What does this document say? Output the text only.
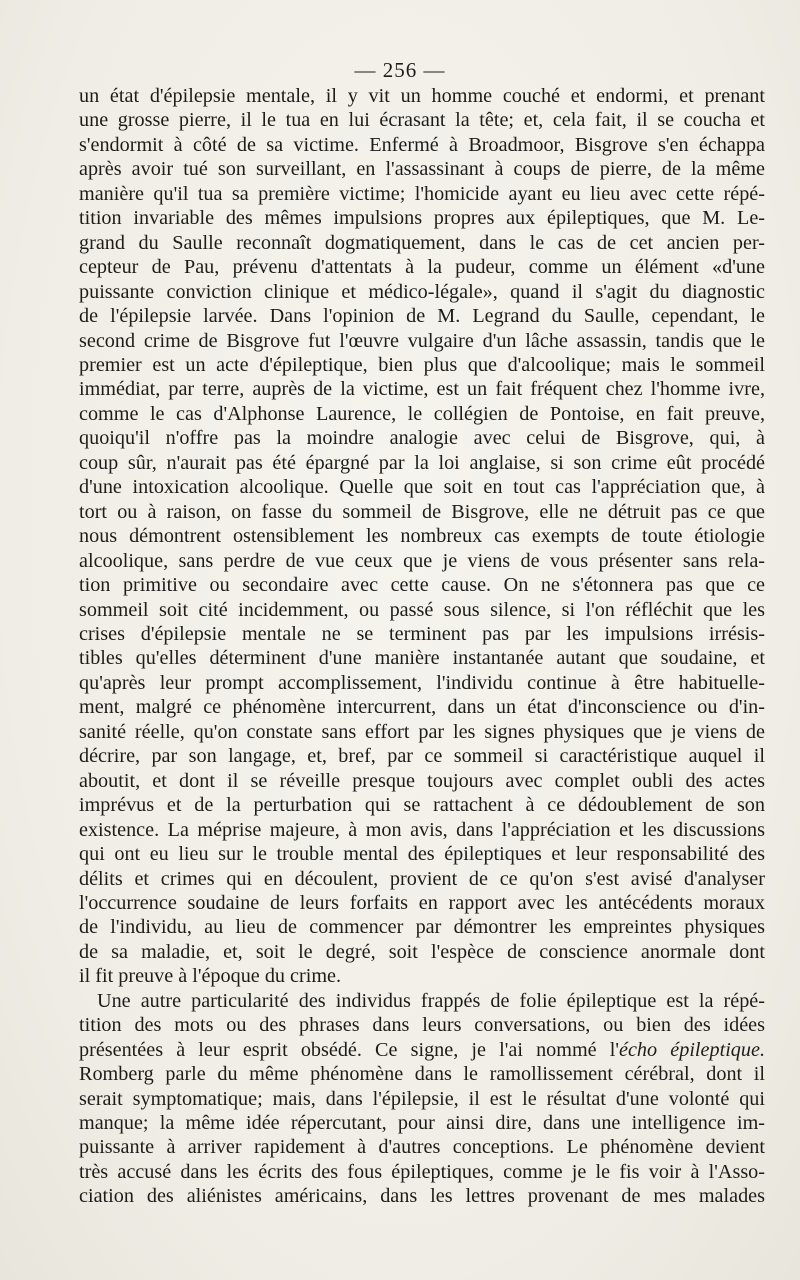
— 256 —

un état d'épilepsie mentale, il y vit un homme couché et endormi, et prenant
une grosse pierre, il le tua en lui écrasant la tête; et, cela fait, il se coucha et
s'endormit à côté de sa victime. Enfermé à Broadmoor, Bisgrove s'en échappa
après avoir tué son surveillant, en l'assassinant à coups de pierre, de la même
manière qu'il tua sa première victime; l'homicide ayant eu lieu avec cette répé-
tition invariable des mêmes impulsions propres aux épileptiques, que M. Le-
grand du Saulle reconnaît dogmatiquement, dans le cas de cet ancien per-
cepteur de Pau, prévenu d'attentats à la pudeur, comme un élément «d'une
puissante conviction clinique et médico-légale», quand il s'agit du diagnostic
de l'épilepsie larvée. Dans l'opinion de M. Legrand du Saulle, cependant, le
second crime de Bisgrove fut l'œuvre vulgaire d'un lâche assassin, tandis que le
premier est un acte d'épileptique, bien plus que d'alcoolique; mais le sommeil
immédiat, par terre, auprès de la victime, est un fait fréquent chez l'homme ivre,
comme le cas d'Alphonse Laurence, le collégien de Pontoise, en fait preuve,
quoiqu'il n'offre pas la moindre analogie avec celui de Bisgrove, qui, à
coup sûr, n'aurait pas été épargné par la loi anglaise, si son crime eût procédé
d'une intoxication alcoolique. Quelle que soit en tout cas l'appréciation que, à
tort ou à raison, on fasse du sommeil de Bisgrove, elle ne détruit pas ce que
nous démontrent ostensiblement les nombreux cas exempts de toute étiologie
alcoolique, sans perdre de vue ceux que je viens de vous présenter sans rela-
tion primitive ou secondaire avec cette cause. On ne s'étonnera pas que ce
sommeil soit cité incidemment, ou passé sous silence, si l'on réfléchit que les
crises d'épilepsie mentale ne se terminent pas par les impulsions irrésis-
tibles qu'elles déterminent d'une manière instantanée autant que soudaine, et
qu'après leur prompt accomplissement, l'individu continue à être habituelle-
ment, malgré ce phénomène intercurrent, dans un état d'inconscience ou d'in-
sanité réelle, qu'on constate sans effort par les signes physiques que je viens de
décrire, par son langage, et, bref, par ce sommeil si caractéristique auquel il
aboutit, et dont il se réveille presque toujours avec complet oubli des actes
imprévus et de la perturbation qui se rattachent à ce dédoublement de son
existence. La méprise majeure, à mon avis, dans l'appréciation et les discussions
qui ont eu lieu sur le trouble mental des épileptiques et leur responsabilité des
délits et crimes qui en découlent, provient de ce qu'on s'est avisé d'analyser
l'occurrence soudaine de leurs forfaits en rapport avec les antécédents moraux
de l'individu, au lieu de commencer par démontrer les empreintes physiques
de sa maladie, et, soit le degré, soit l'espèce de conscience anormale dont
il fit preuve à l'époque du crime.

Une autre particularité des individus frappés de folie épileptique est la répé-
tition des mots ou des phrases dans leurs conversations, ou bien des idées
présentées à leur esprit obsédé. Ce signe, je l'ai nommé l'écho épileptique.
Romberg parle du même phénomène dans le ramollissement cérébral, dont il
serait symptomatique; mais, dans l'épilepsie, il est le résultat d'une volonté qui
manque; la même idée répercutant, pour ainsi dire, dans une intelligence im-
puissante à arriver rapidement à d'autres conceptions. Le phénomène devient
très accusé dans les écrits des fous épileptiques, comme je le fis voir à l'Asso-
ciation des aliénistes américains, dans les lettres provenant de mes malades
